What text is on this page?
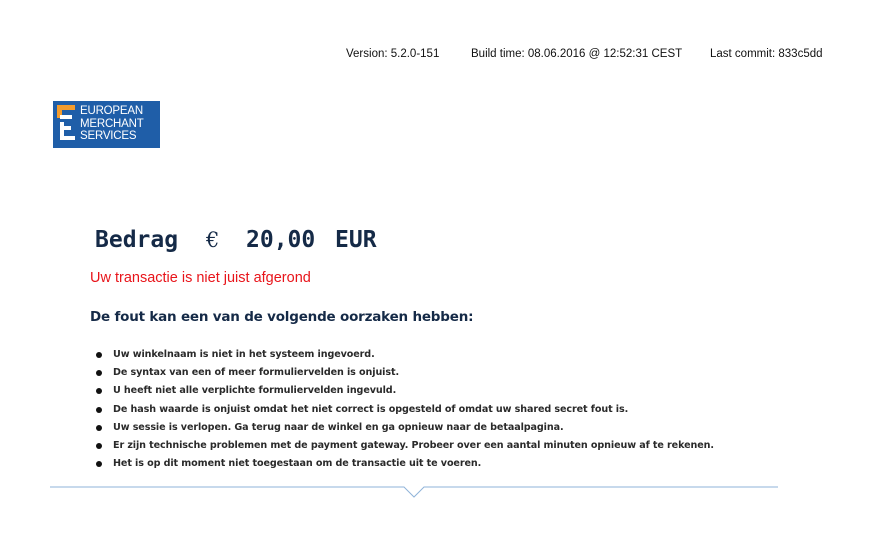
Version: 5.2.0-151	Build time: 08.06.2016 @ 12:52:31 CEST Last commit: 833c5dd
EUROPEAN
MERCHANT
SERVICES
Bedrag € 20,00 EUR
Uw transactie is niet juist afgerond
De fout kan een van de volgende oorzaken hebben:
Uw winkelnaam is niet in het systeem ingevoerd.
De syntax van een of meer formuliervelden is onjuist.
U heeft niet alle verplichte formuliervelden ingevuld.
De hash waarde is onjuist omdat het niet correct is opgesteld of omdat uw shared secret fout is.
Uw sessie is verlopen. Ga terug naar de winkel en ga opnieuw naar de betaalpagina.
Er zijn technische problemen met de payment gateway. Probeer over een aantal minuten opnieuw af te rekenen.
Het is op dit moment niet toegestaan om de transactie uit te voeren.
